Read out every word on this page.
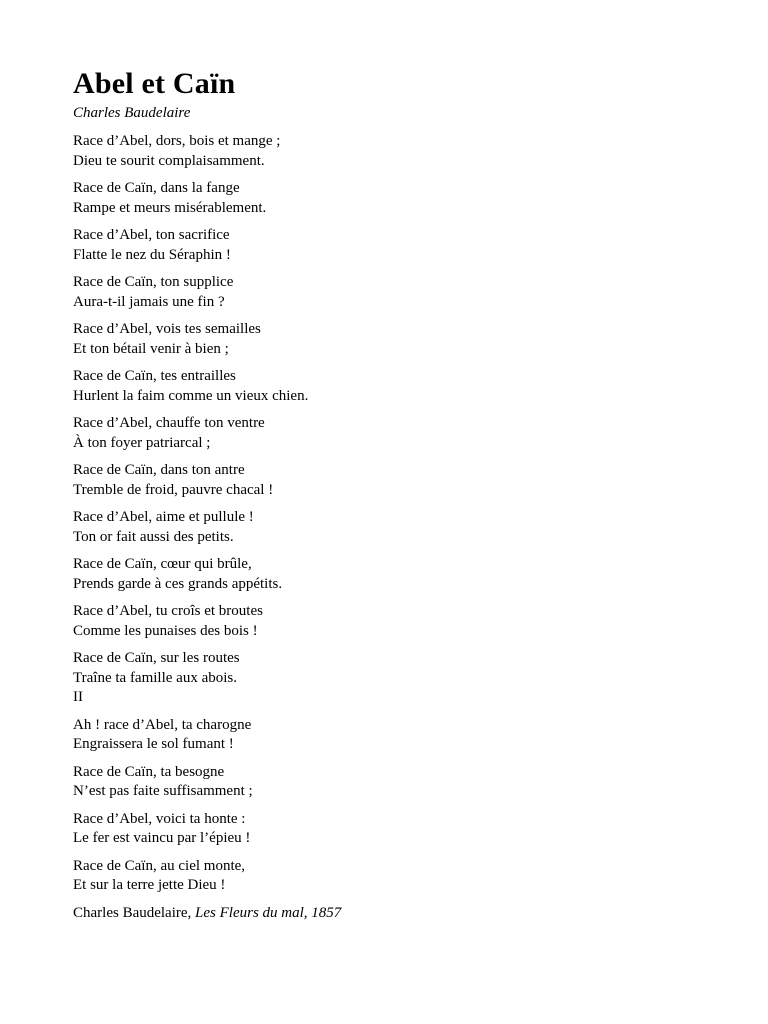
Abel et Caïn
Charles Baudelaire

Race d’Abel, dors, bois et mange ;
Dieu te sourit complaisamment.

Race de Caïn, dans la fange
Rampe et meurs misérablement.

Race d’Abel, ton sacrifice
Flatte le nez du Séraphin !

Race de Caïn, ton supplice
Aura-t-il jamais une fin ?

Race d’Abel, vois tes semailles
Et ton bétail venir à bien ;

Race de Caïn, tes entrailles
Hurlent la faim comme un vieux chien.

Race d’Abel, chauffe ton ventre
À ton foyer patriarcal ;

Race de Caïn, dans ton antre
Tremble de froid, pauvre chacal !

Race d’Abel, aime et pullule !
Ton or fait aussi des petits.

Race de Caïn, cœur qui brûle,
Prends garde à ces grands appétits.

Race d’Abel, tu croîs et broutes
Comme les punaises des bois !

Race de Caïn, sur les routes
Traîne ta famille aux abois.
II

Ah ! race d’Abel, ta charogne
Engraissera le sol fumant !

Race de Caïn, ta besogne
N’est pas faite suffisamment ;

Race d’Abel, voici ta honte :
Le fer est vaincu par l’épieu !

Race de Caïn, au ciel monte,
Et sur la terre jette Dieu !

Charles Baudelaire, Les Fleurs du mal, 1857
